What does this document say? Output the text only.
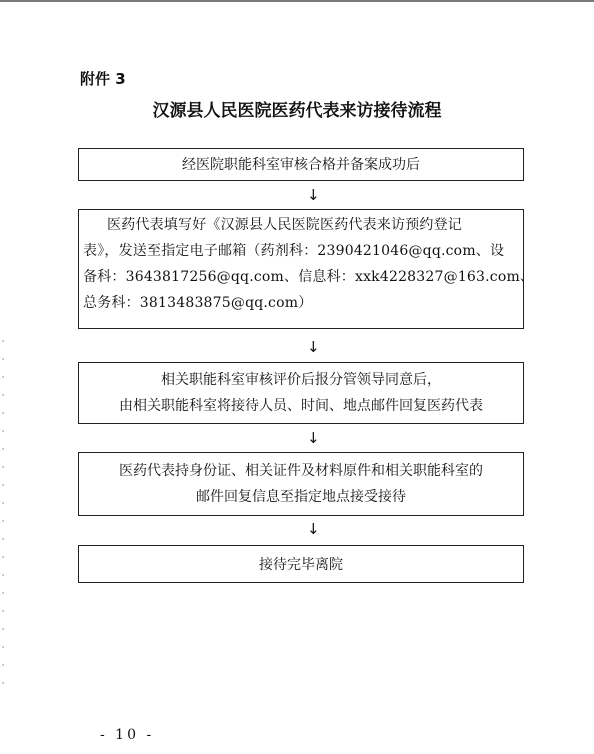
附件 3
汉源县人民医院医药代表来访接待流程
经医院职能科室审核合格并备案成功后
↓
医药代表填写好《汉源县人民医院医药代表来访预约登记
表》，发送至指定电子邮箱（药剂科：2390421046@qq.com、设
备科：3643817256@qq.com、信息科：xxk4228327@163.com、
总务科：3813483875@qq.com）
↓
相关职能科室审核评价后报分管领导同意后，
由相关职能科室将接待人员、时间、地点邮件回复医药代表
↓
医药代表持身份证、相关证件及材料原件和相关职能科室的
邮件回复信息至指定地点接受接待
↓
接待完毕离院
- 10 -
